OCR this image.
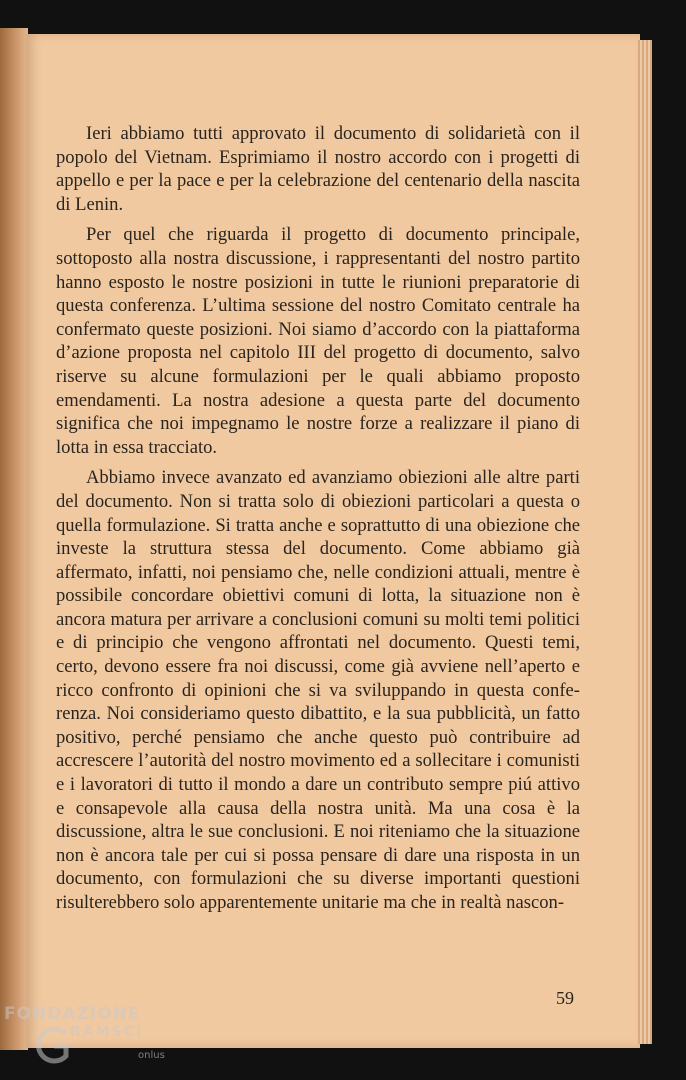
Ieri abbiamo tutti approvato il documento di solidarietà con il popolo del Vietnam. Esprimiamo il nostro accordo con i progetti di appello e per la pace e per la celebrazione del centenario della nascita di Lenin.

Per quel che riguarda il progetto di documento principale, sottoposto alla nostra discussione, i rappresentanti del nostro partito hanno esposto le nostre posizioni in tutte le riunioni preparatorie di questa conferenza. L’ultima sessione del nostro Comitato centrale ha confermato queste posizioni. Noi siamo d’accordo con la piattaforma d’azione proposta nel capitolo III del progetto di documento, salvo riserve su alcune formulazioni per le quali abbiamo proposto emendamenti. La nostra adesione a questa parte del documento significa che noi impegnamo le nostre forze a realizzare il piano di lotta in essa tracciato.

Abbiamo invece avanzato ed avanziamo obiezioni alle altre parti del documento. Non si tratta solo di obiezioni particolari a questa o quella formulazione. Si tratta anche e soprattutto di una obiezione che investe la struttura stessa del documento. Come abbiamo già affermato, infatti, noi pensiamo che, nelle condizioni attuali, mentre è possibile concordare obiettivi comuni di lotta, la situazione non è ancora matura per arrivare a conclusioni comuni su molti temi politici e di principio che vengono affrontati nel documento. Questi temi, certo, devono essere fra noi discussi, come già avviene nell’aperto e ricco confronto di opinioni che si va sviluppando in questa conferenza. Noi consideriamo questo dibattito, e la sua pubblicità, un fatto positivo, perché pensiamo che anche questo può contribuire ad accrescere l’autorità del nostro movimento ed a sollecitare i comunisti e i lavoratori di tutto il mondo a dare un contributo sempre piú attivo e consapevole alla causa della nostra unità. Ma una cosa è la discussione, altra le sue conclusioni. E noi riteniamo che la situazione non è ancora tale per cui si possa pensare di dare una risposta in un documento, con formulazioni che su diverse importanti questioni risulterebbero solo apparentemente unitarie ma che in realtà nascon-

59
FONDAZIONE
RAMSCI
onlus
